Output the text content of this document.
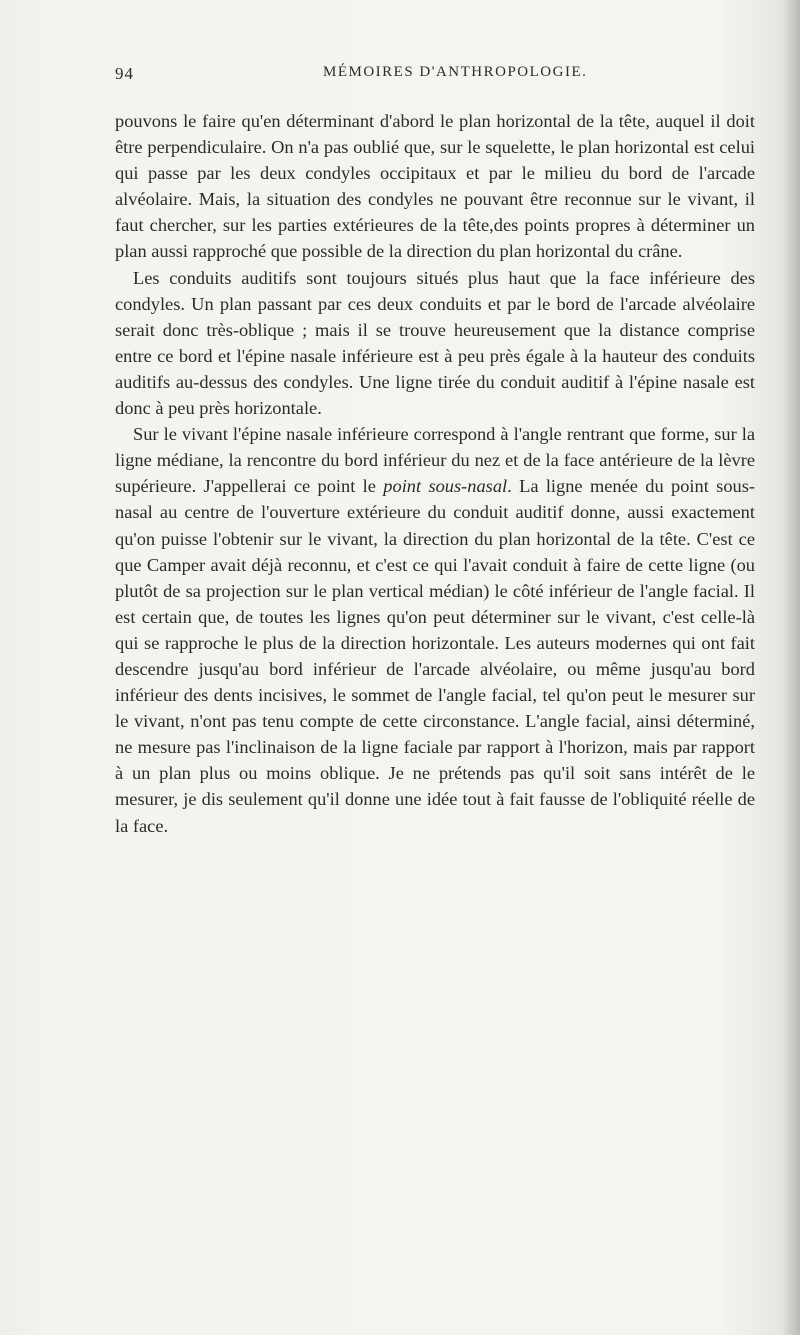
94	MÉMOIRES D'ANTHROPOLOGIE.

pouvons le faire qu'en déterminant d'abord le plan horizontal de la tête, auquel il doit être perpendiculaire. On n'a pas oublié que, sur le squelette, le plan horizontal est celui qui passe par les deux condyles occipitaux et par le milieu du bord de l'arcade alvéolaire. Mais, la situation des condyles ne pouvant être reconnue sur le vivant, il faut chercher, sur les parties extérieures de la tête,des points propres à déterminer un plan aussi rapproché que possible de la direction du plan horizontal du crâne.

Les conduits auditifs sont toujours situés plus haut que la face inférieure des condyles. Un plan passant par ces deux conduits et par le bord de l'arcade alvéolaire serait donc très-oblique ; mais il se trouve heureusement que la distance comprise entre ce bord et l'épine nasale inférieure est à peu près égale à la hauteur des conduits auditifs au-dessus des condyles. Une ligne tirée du conduit auditif à l'épine nasale est donc à peu près horizontale.

Sur le vivant l'épine nasale inférieure correspond à l'angle rentrant que forme, sur la ligne médiane, la rencontre du bord inférieur du nez et de la face antérieure de la lèvre supérieure. J'appellerai ce point le point sous-nasal. La ligne menée du point sous-nasal au centre de l'ouverture extérieure du conduit auditif donne, aussi exactement qu'on puisse l'obtenir sur le vivant, la direction du plan horizontal de la tête. C'est ce que Camper avait déjà reconnu, et c'est ce qui l'avait conduit à faire de cette ligne (ou plutôt de sa projection sur le plan vertical médian) le côté inférieur de l'angle facial. Il est certain que, de toutes les lignes qu'on peut déterminer sur le vivant, c'est celle-là qui se rapproche le plus de la direction horizontale. Les auteurs modernes qui ont fait descendre jusqu'au bord inférieur de l'arcade alvéolaire, ou même jusqu'au bord inférieur des dents incisives, le sommet de l'angle facial, tel qu'on peut le mesurer sur le vivant, n'ont pas tenu compte de cette circonstance. L'angle facial, ainsi déterminé, ne mesure pas l'inclinaison de la ligne faciale par rapport à l'horizon, mais par rapport à un plan plus ou moins oblique. Je ne prétends pas qu'il soit sans intérêt de le mesurer, je dis seulement qu'il donne une idée tout à fait fausse de l'obliquité réelle de la face.
